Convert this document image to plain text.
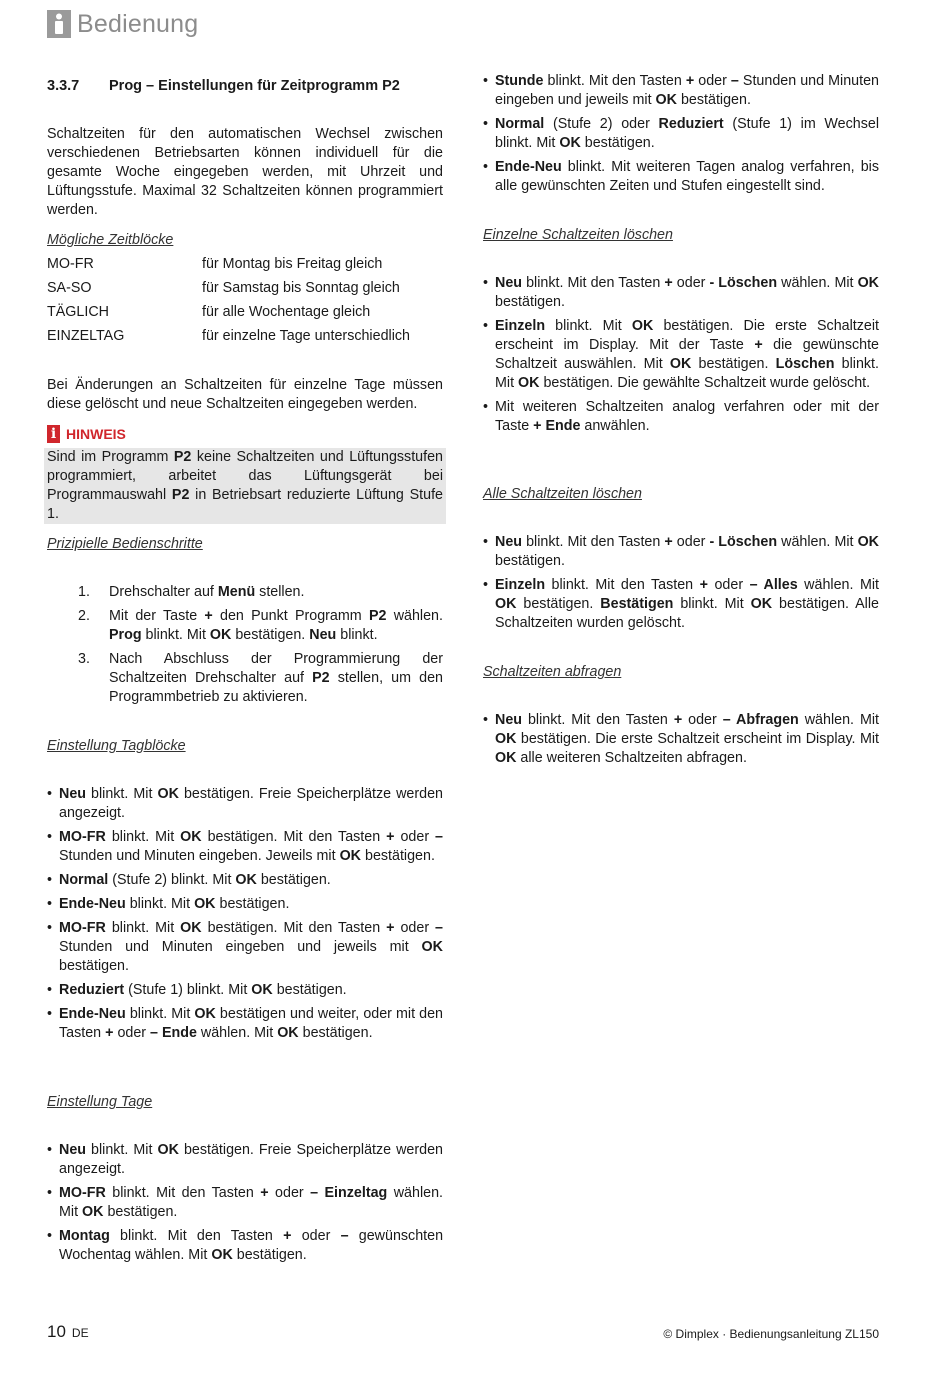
Bedienung

3.3.7 Prog – Einstellungen für Zeitprogramm P2

Schaltzeiten für den automatischen Wechsel zwischen verschiedenen Betriebsarten können individuell für die gesamte Woche eingegeben werden, mit Uhrzeit und Lüftungsstufe. Maximal 32 Schaltzeiten können programmiert werden.

Mögliche Zeitblöcke

MO-FR	für Montag bis Freitag gleich
SA-SO	für Samstag bis Sonntag gleich
TÄGLICH	für alle Wochentage gleich
EINZELTAG	für einzelne Tage unterschiedlich

Bei Änderungen an Schaltzeiten für einzelne Tage müssen diese gelöscht und neue Schaltzeiten eingegeben werden.

i HINWEIS
Sind im Programm P2 keine Schaltzeiten und Lüftungsstufen programmiert, arbeitet das Lüftungsgerät bei Programmauswahl P2 in Betriebsart reduzierte Lüftung Stufe 1.

Prizipielle Bedienschritte

1.	Drehschalter auf Menü stellen.
2.	Mit der Taste + den Punkt Programm P2 wählen. Prog blinkt. Mit OK bestätigen. Neu blinkt.
3.	Nach Abschluss der Programmierung der Schaltzeiten Drehschalter auf P2 stellen, um den Programmbetrieb zu aktivieren.

Einstellung Tagblöcke

• Neu blinkt. Mit OK bestätigen. Freie Speicherplätze werden angezeigt.
• MO-FR blinkt. Mit OK bestätigen. Mit den Tasten + oder – Stunden und Minuten eingeben. Jeweils mit OK bestätigen.
• Normal (Stufe 2) blinkt. Mit OK bestätigen.
• Ende-Neu blinkt. Mit OK bestätigen.
• MO-FR blinkt. Mit OK bestätigen. Mit den Tasten + oder – Stunden und Minuten eingeben und jeweils mit OK bestätigen.
• Reduziert (Stufe 1) blinkt. Mit OK bestätigen.
• Ende-Neu blinkt. Mit OK bestätigen und weiter, oder mit den Tasten + oder – Ende wählen. Mit OK bestätigen.

Einstellung Tage

• Neu blinkt. Mit OK bestätigen. Freie Speicherplätze werden angezeigt.
• MO-FR blinkt. Mit den Tasten + oder – Einzeltag wählen. Mit OK bestätigen.
• Montag blinkt. Mit den Tasten + oder – gewünschten Wochentag wählen. Mit OK bestätigen.
• Stunde blinkt. Mit den Tasten + oder – Stunden und Minuten eingeben und jeweils mit OK bestätigen.
• Normal (Stufe 2) oder Reduziert (Stufe 1) im Wechsel blinkt. Mit OK bestätigen.
• Ende-Neu blinkt. Mit weiteren Tagen analog verfahren, bis alle gewünschten Zeiten und Stufen eingestellt sind.

Einzelne Schaltzeiten löschen

• Neu blinkt. Mit den Tasten + oder - Löschen wählen. Mit OK bestätigen.
• Einzeln blinkt. Mit OK bestätigen. Die erste Schaltzeit erscheint im Display. Mit der Taste + die gewünschte Schaltzeit auswählen. Mit OK bestätigen. Löschen blinkt. Mit OK bestätigen. Die gewählte Schaltzeit wurde gelöscht.
• Mit weiteren Schaltzeiten analog verfahren oder mit der Taste + Ende anwählen.

Alle Schaltzeiten löschen

• Neu blinkt. Mit den Tasten + oder - Löschen wählen. Mit OK bestätigen.
• Einzeln blinkt. Mit den Tasten + oder – Alles wählen. Mit OK bestätigen. Bestätigen blinkt. Mit OK bestätigen. Alle Schaltzeiten wurden gelöscht.

Schaltzeiten abfragen

• Neu blinkt. Mit den Tasten + oder – Abfragen wählen. Mit OK bestätigen. Die erste Schaltzeit erscheint im Display. Mit OK alle weiteren Schaltzeiten abfragen.
10 DE	© Dimplex · Bedienungsanleitung ZL150
